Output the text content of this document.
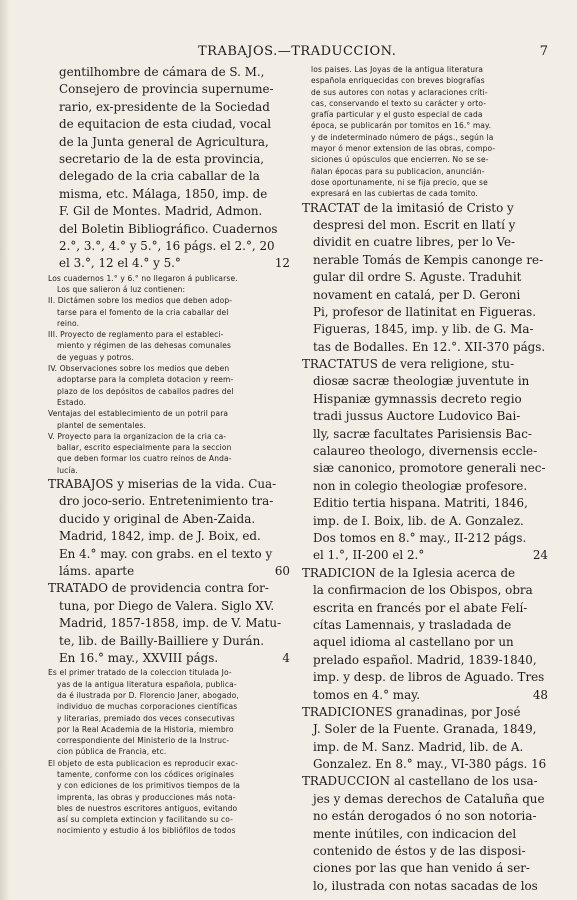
TRABAJOS.—TRADUCCION.	7
gentilhombre de cámara de S. M.,
Consejero de provincia supernume-
rario, ex-presidente de la Sociedad
de equitacion de esta ciudad, vocal
de la Junta general de Agricultura,
secretario de la de esta provincia,
delegado de la cria caballar de la
misma, etc. Málaga, 1850, imp. de
F. Gil de Montes. Madrid, Admon.
del Boletin Bibliográfico. Cuadernos
2.°, 3.°, 4.° y 5.°, 16 págs. el 2.°, 20
el 3.°, 12 el 4.° y 5.°	12
Los cuadernos 1.° y 6.° no llegaron á publicarse.
Los que salieron á luz contienen:
II. Dictámen sobre los medios que deben adop-
tarse para el fomento de la cria caballar del
reino.
III. Proyecto de reglamento para el estableci-
miento y régimen de las dehesas comunales
de yeguas y potros.
IV. Observaciones sobre los medios que deben
adoptarse para la completa dotacion y reem-
plazo de los depósitos de caballos padres del
Estado.
Ventajas del establecimiento de un potril para
plantel de sementales.
V. Proyecto para la organizacion de la cria ca-
ballar, escrito especialmente para la seccion
que deben formar los cuatro reinos de Anda-
lucía.
TRABAJOS y miserias de la vida. Cua-
dro joco-serio. Entretenimiento tra-
ducido y original de Aben-Zaida.
Madrid, 1842, imp. de J. Boix, ed.
En 4.° may. con grabs. en el texto y
láms. aparte	60
TRATADO de providencia contra for-
tuna, por Diego de Valera. Siglo XV.
Madrid, 1857-1858, imp. de V. Matu-
te, lib. de Bailly-Bailliere y Durán.
En 16.° may., XXVIII págs.	4
Es el primer tratado de la coleccion titulada Jo-
yas de la antigua literatura española, publica-
da é ilustrada por D. Florencio Janer, abogado,
individuo de muchas corporaciones científicas
y literarias, premiado dos veces consecutivas
por la Real Academia de la Historia, miembro
correspondiente del Ministerio de la Instruc-
cion pública de Francia, etc.
El objeto de esta publicacion es reproducir exac-
tamente, conforme con los códices originales
y con ediciones de los primitivos tiempos de la
imprenta, las obras y producciones más nota-
bles de nuestros escritores antiguos, evitando
así su completa extincion y facilitando su co-
nocimiento y estudio á los bibliófilos de todos
los paises. Las Joyas de la antigua literatura
española enriquecidas con breves biografías
de sus autores con notas y aclaraciones críti-
cas, conservando el texto su carácter y orto-
grafía particular y el gusto especial de cada
época, se publicarán por tomitos en 16.° may.
y de indeterminado número de págs., según la
mayor ó menor extension de las obras, compo-
siciones ú opúsculos que encierren. No se se-
ñalan épocas para su publicacion, anuncián-
dose oportunamente, ni se fija precio, que se
expresará en las cubiertas de cada tomito.
TRACTAT de la imitasió de Cristo y
despresi del mon. Escrit en llatí y
dividit en cuatre libres, per lo Ve-
nerable Tomás de Kempis canonge re-
gular dil ordre S. Aguste. Traduhit
novament en catalá, per D. Geroni
Pi, profesor de llatinitat en Figueras.
Figueras, 1845, imp. y lib. de G. Ma-
tas de Bodalles. En 12.°. XII-370 págs.
TRACTATUS de vera religione, stu-
diosæ sacræ theologiæ juventute in
Hispaniæ gymnassis decreto regio
tradi jussus Auctore Ludovico Bai-
lly, sacræ facultates Parisiensis Bac-
calaureo theologo, divernensis eccle-
siæ canonico, promotore generali nec-
non in colegio theologiæ profesore.
Editio tertia hispana. Matriti, 1846,
imp. de I. Boix, lib. de A. Gonzalez.
Dos tomos en 8.° may., II-212 págs.
el 1.°, II-200 el 2.°	24
TRADICION de la Iglesia acerca de
la confirmacion de los Obispos, obra
escrita en francés por el abate Felí-
cítas Lamennais, y trasladada de
aquel idioma al castellano por un
prelado español. Madrid, 1839-1840,
imp. y desp. de libros de Aguado. Tres
tomos en 4.° may.	48
TRADICIONES granadinas, por José
J. Soler de la Fuente. Granada, 1849,
imp. de M. Sanz. Madrid, lib. de A.
Gonzalez. En 8.° may., VI-380 págs. 16
TRADUCCION al castellano de los usa-
jes y demas derechos de Cataluña que
no están derogados ó no son notoria-
mente inútiles, con indicacion del
contenido de éstos y de las disposi-
ciones por las que han venido á ser-
lo, ilustrada con notas sacadas de los
